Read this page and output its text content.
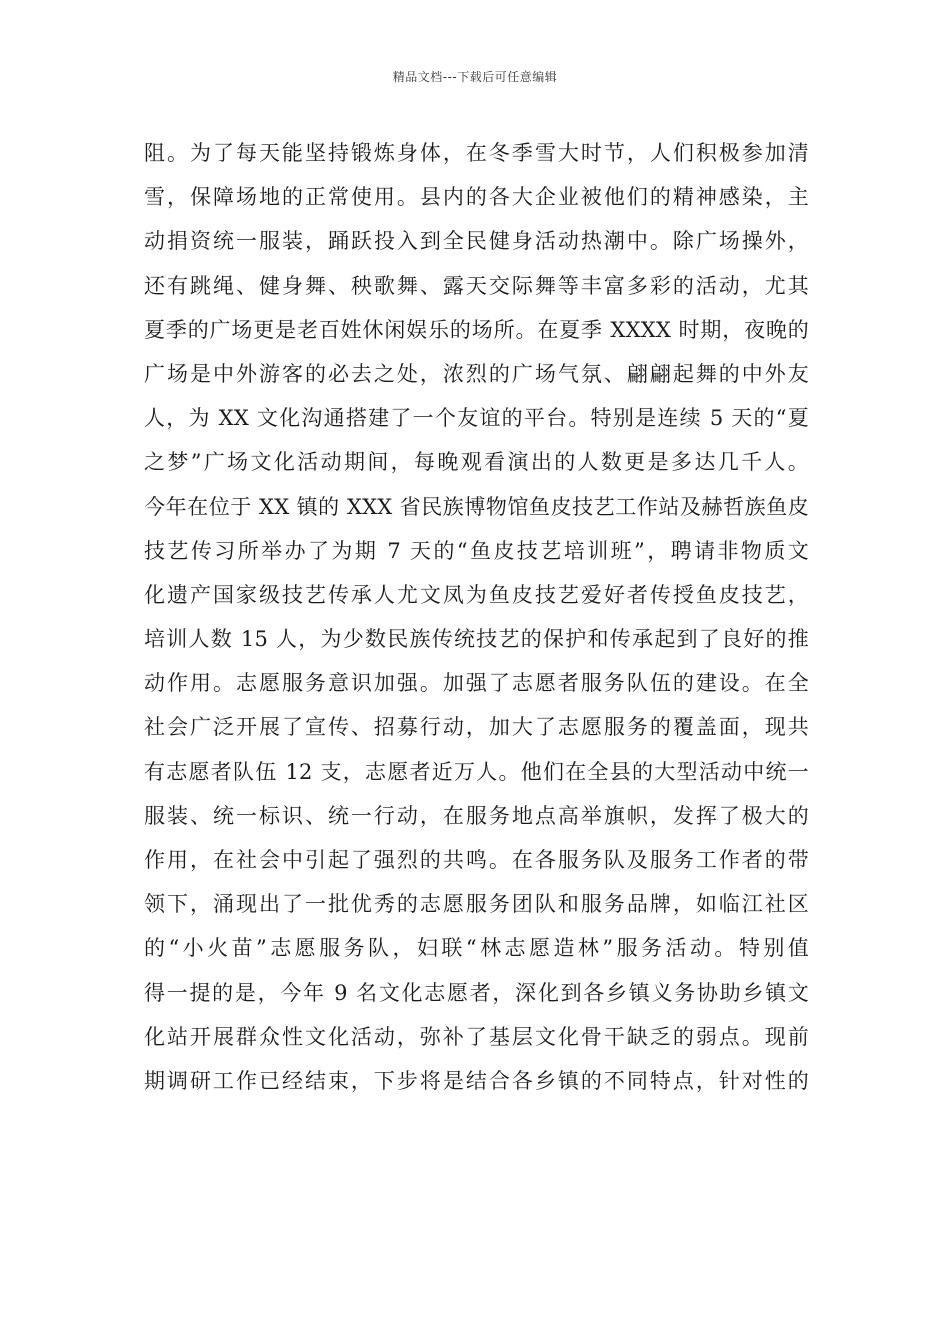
精品文档---下载后可任意编辑
阻。为了每天能坚持锻炼身体，在冬季雪大时节，人们积极参加清
雪，保障场地的正常使用。县内的各大企业被他们的精神感染，主
动捐资统一服装，踊跃投入到全民健身活动热潮中。除广场操外，
还有跳绳、健身舞、秧歌舞、露天交际舞等丰富多彩的活动，尤其
夏季的广场更是老百姓休闲娱乐的场所。在夏季 XXXX 时期，夜晚的
广场是中外游客的必去之处，浓烈的广场气氛、翩翩起舞的中外友
人，为 XX 文化沟通搭建了一个友谊的平台。特别是连续 5 天的“夏
之梦”广场文化活动期间，每晚观看演出的人数更是多达几千人。
今年在位于 XX 镇的 XXX 省民族博物馆鱼皮技艺工作站及赫哲族鱼皮
技艺传习所举办了为期 7 天的“鱼皮技艺培训班”，聘请非物质文
化遗产国家级技艺传承人尤文凤为鱼皮技艺爱好者传授鱼皮技艺，
培训人数 15 人，为少数民族传统技艺的保护和传承起到了良好的推
动作用。志愿服务意识加强。加强了志愿者服务队伍的建设。在全
社会广泛开展了宣传、招募行动，加大了志愿服务的覆盖面，现共
有志愿者队伍 12 支，志愿者近万人。他们在全县的大型活动中统一
服装、统一标识、统一行动，在服务地点高举旗帜，发挥了极大的
作用，在社会中引起了强烈的共鸣。在各服务队及服务工作者的带
领下，涌现出了一批优秀的志愿服务团队和服务品牌，如临江社区
的“小火苗”志愿服务队，妇联“林志愿造林”服务活动。特别值
得一提的是，今年 9 名文化志愿者，深化到各乡镇义务协助乡镇文
化站开展群众性文化活动，弥补了基层文化骨干缺乏的弱点。现前
期调研工作已经结束，下步将是结合各乡镇的不同特点，针对性的
